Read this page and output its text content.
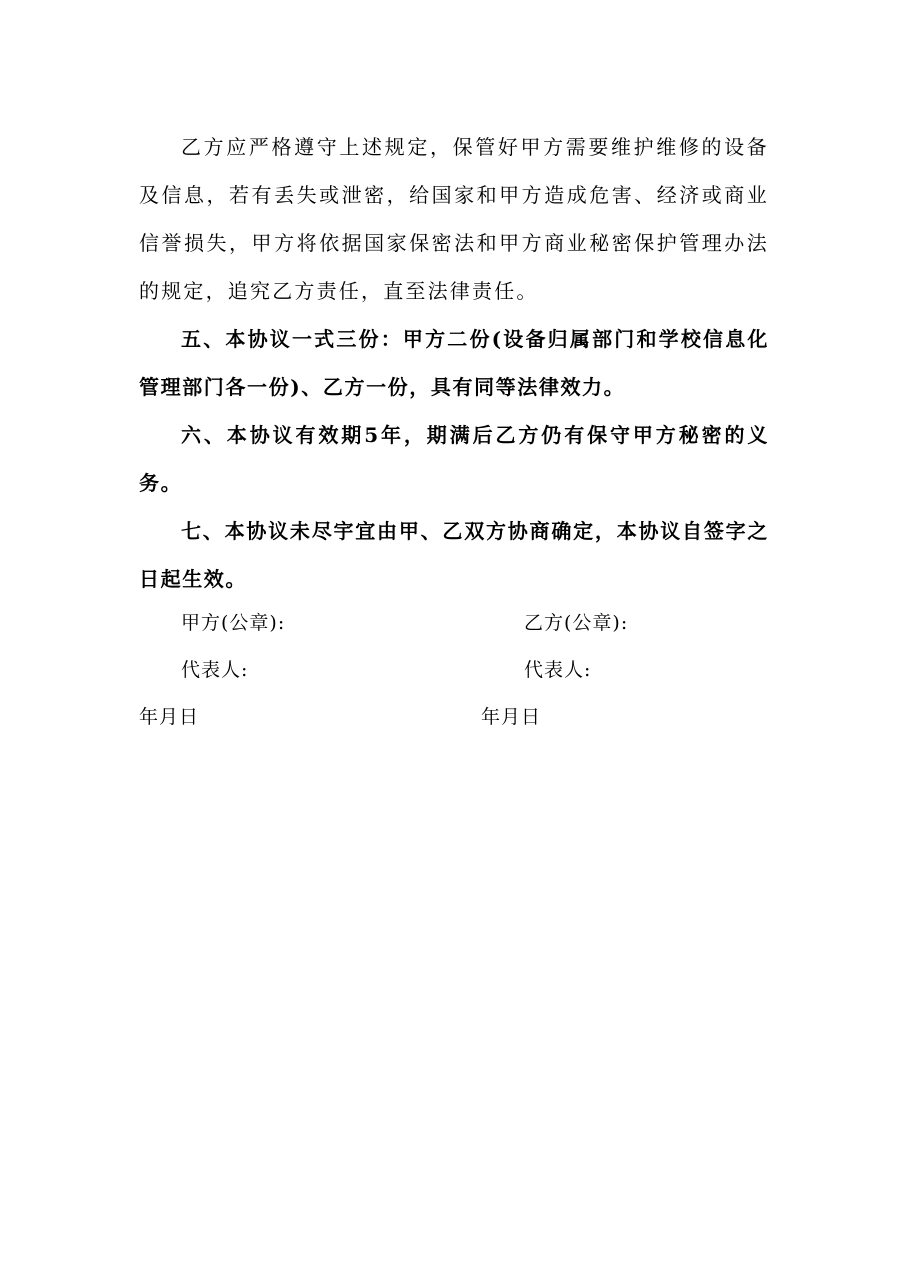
乙方应严格遵守上述规定，保管好甲方需要维护维修的设备及信息，若有丢失或泄密，给国家和甲方造成危害、经济或商业信誉损失，甲方将依据国家保密法和甲方商业秘密保护管理办法的规定，追究乙方责任，直至法律责任。

五、本协议一式三份：甲方二份(设备归属部门和学校信息化管理部门各一份)、乙方一份，具有同等法律效力。

六、本协议有效期5年，期满后乙方仍有保守甲方秘密的义务。

七、本协议未尽宇宜由甲、乙双方协商确定，本协议自签字之日起生效。

甲方(公章):	乙方(公章):
代表人:	代表人:
年月日	年月日
